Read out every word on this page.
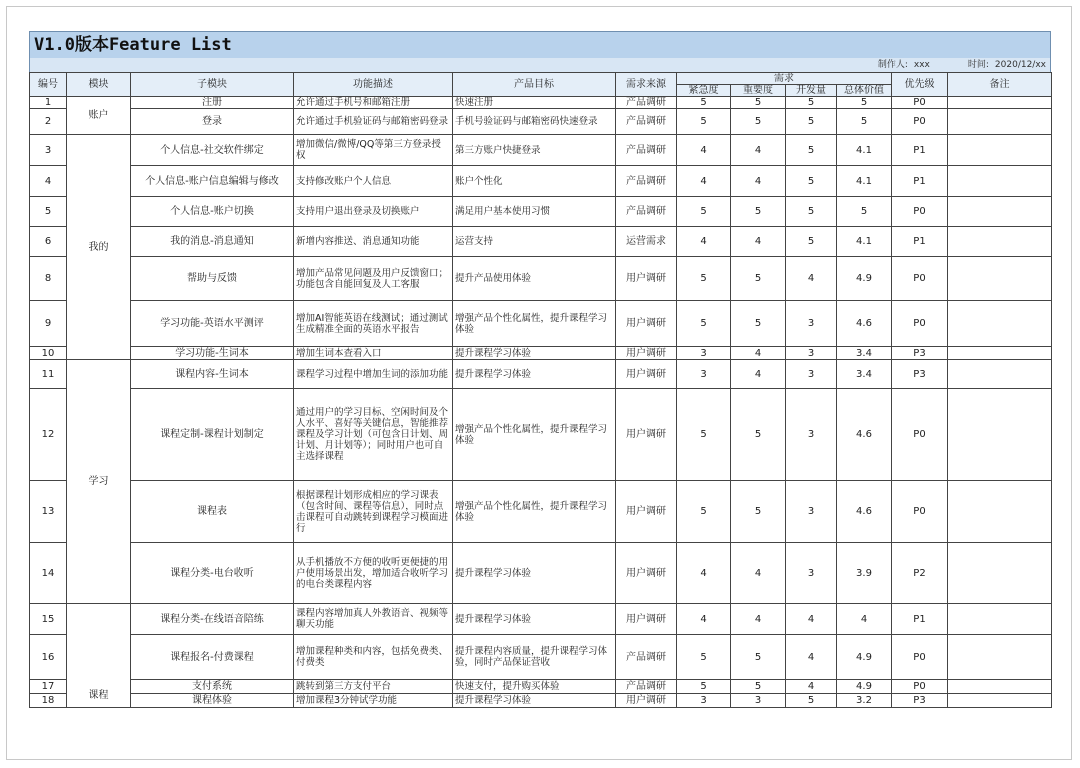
V1.0版本Feature List
制作人: xxx	时间: 2020/12/xx
编号	模块	子模块	功能描述	产品目标	需求来源	需求				优先级	备注
						紧急度	重要度	开发量	总体价值		
1	账户	注册	允许通过手机号和邮箱注册	快速注册	产品调研	5	5	5	5	P0	
2		登录	允许通过手机验证码与邮箱密码登录	手机号验证码与邮箱密码快速登录	产品调研	5	5	5	5	P0	
3	我的	个人信息-社交软件绑定	增加微信/微博/QQ等第三方登录授权	第三方账户快捷登录	产品调研	4	4	5	4.1	P1	
4		个人信息-账户信息编辑与修改	支持修改账户个人信息	账户个性化	产品调研	4	4	5	4.1	P1	
5		个人信息-账户切换	支持用户退出登录及切换账户	满足用户基本使用习惯	产品调研	5	5	5	5	P0	
6		我的消息-消息通知	新增内容推送、消息通知功能	运营支持	运营需求	4	4	5	4.1	P1	
8		帮助与反馈	增加产品常见问题及用户反馈窗口；功能包含自能回复及人工客服	提升产品使用体验	用户调研	5	5	4	4.9	P0	
9		学习功能-英语水平测评	增加AI智能英语在线测试；通过测试生成精准全面的英语水平报告	增强产品个性化属性，提升课程学习体验	用户调研	5	5	3	4.6	P0	
10		学习功能-生词本	增加生词本查看入口	提升课程学习体验	用户调研	3	4	3	3.4	P3	
11	学习	课程内容-生词本	课程学习过程中增加生词的添加功能	提升课程学习体验	用户调研	3	4	3	3.4	P3	
12		课程定制-课程计划制定	通过用户的学习目标、空闲时间及个人水平、喜好等关键信息，智能推荐课程及学习计划（可包含日计划、周计划、月计划等）；同时用户也可自主选择课程	增强产品个性化属性，提升课程学习体验	用户调研	5	5	3	4.6	P0	
13		课程表	根据课程计划形成相应的学习课表（包含时间、课程等信息），同时点击课程可自动跳转到课程学习模面进行	增强产品个性化属性，提升课程学习体验	用户调研	5	5	3	4.6	P0	
14		课程分类-电台收听	从手机播放不方便的收听更便捷的用户使用场景出发，增加适合收听学习的电台类课程内容	提升课程学习体验	用户调研	4	4	3	3.9	P2	
15	课程	课程分类-在线语音陪练	课程内容增加真人外教语音、视频等聊天功能	提升课程学习体验	用户调研	4	4	4	4	P1	
16		课程报名-付费课程	增加课程种类和内容，包括免费类、付费类	提升课程内容质量，提升课程学习体验，同时产品保证营收	产品调研	5	5	4	4.9	P0	
17		支付系统	跳转到第三方支付平台	快速支付，提升购买体验	产品调研	5	5	4	4.9	P0	
18		课程体验	增加课程3分钟试学功能	提升课程学习体验	用户调研	3	3	5	3.2	P3	
